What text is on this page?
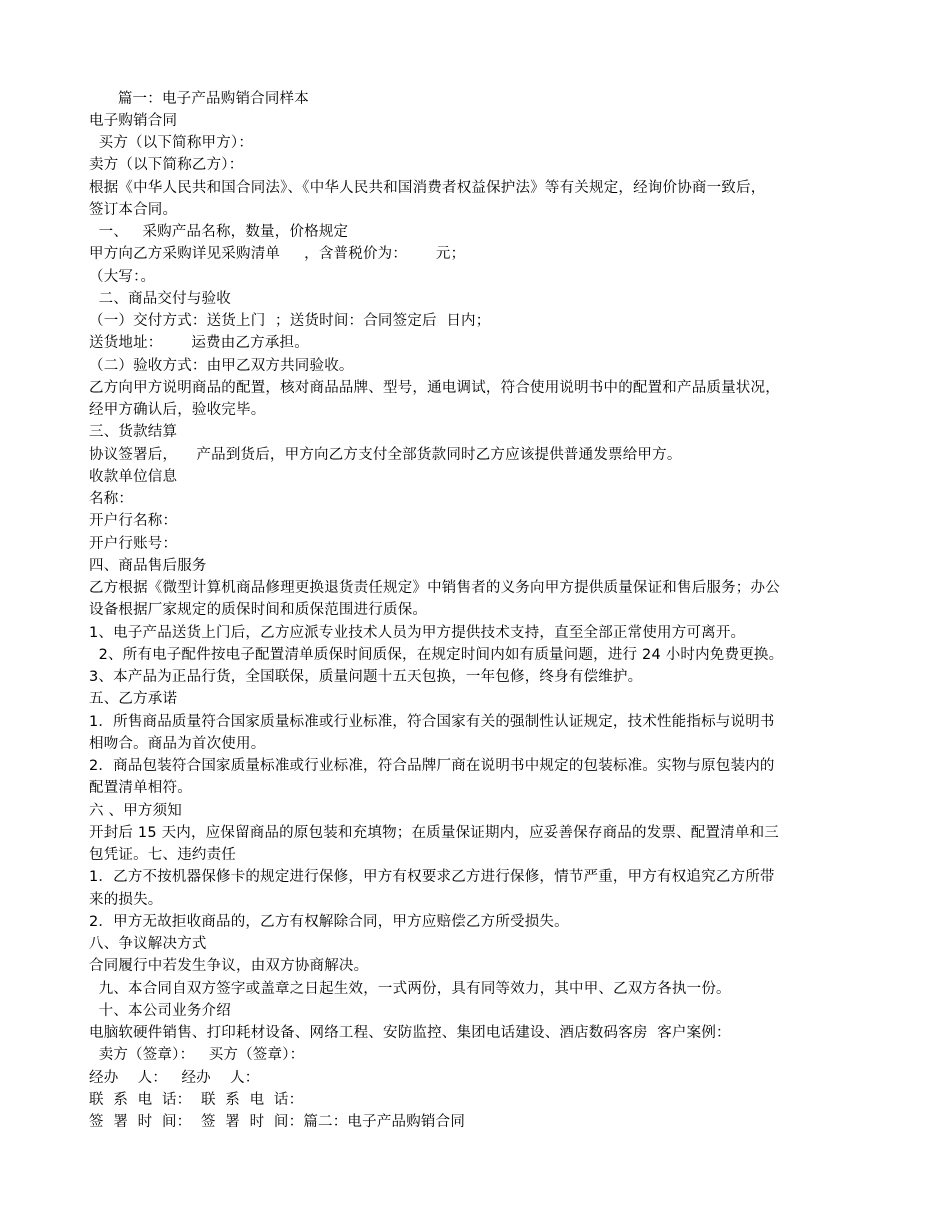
篇一：电子产品购销合同样本
电子购销合同
买方（以下简称甲方）：
卖方（以下简称乙方）：
根据《中华人民共和国合同法》、《中华人民共和国消费者权益保护法》等有关规定，经询价协商一致后，
签订本合同。
一、   采购产品名称，数量，价格规定
甲方向乙方采购详见采购清单     ，含普税价为：      元；
（大写：。
二、商品交付与验收
（一）交付方式：送货上门  ；送货时间：合同签定后  日内；
送货地址：      运费由乙方承担。
（二）验收方式：由甲乙双方共同验收。
乙方向甲方说明商品的配置，核对商品品牌、型号，通电调试，符合使用说明书中的配置和产品质量状况，
经甲方确认后，验收完毕。
三、货款结算
协议签署后，    产品到货后，甲方向乙方支付全部货款同时乙方应该提供普通发票给甲方。
收款单位信息
名称：
开户行名称：
开户行账号：
四、商品售后服务
乙方根据《微型计算机商品修理更换退货责任规定》中销售者的义务向甲方提供质量保证和售后服务；办公
设备根据厂家规定的质保时间和质保范围进行质保。
1、电子产品送货上门后，乙方应派专业技术人员为甲方提供技术支持，直至全部正常使用方可离开。
2、所有电子配件按电子配置清单质保时间质保，在规定时间内如有质量问题，进行 24 小时内免费更换。
3、本产品为正品行货，全国联保，质量问题十五天包换，一年包修，终身有偿维护。
五、乙方承诺
1．所售商品质量符合国家质量标准或行业标准，符合国家有关的强制性认证规定，技术性能指标与说明书
相吻合。商品为首次使用。
2．商品包装符合国家质量标准或行业标准，符合品牌厂商在说明书中规定的包装标准。实物与原包装内的
配置清单相符。
六 、甲方须知
开封后 15 天内，应保留商品的原包装和充填物；在质量保证期内，应妥善保存商品的发票、配置清单和三
包凭证。七、违约责任
1．乙方不按机器保修卡的规定进行保修，甲方有权要求乙方进行保修，情节严重，甲方有权追究乙方所带
来的损失。
2．甲方无故拒收商品的，乙方有权解除合同，甲方应赔偿乙方所受损失。
八、争议解决方式
合同履行中若发生争议，由双方协商解决。
九、本合同自双方签字或盖章之日起生效，一式两份，具有同等效力，其中甲、乙双方各执一份。
十、本公司业务介绍
电脑软硬件销售、打印耗材设备、网络工程、安防监控、集团电话建设、酒店数码客房  客户案例：
卖方（签章）：   买方（签章）：
经办    人：   经办    人：
联  系  电  话：  联  系  电  话：
签  署  时  间：  签  署  时  间：篇二：电子产品购销合同
